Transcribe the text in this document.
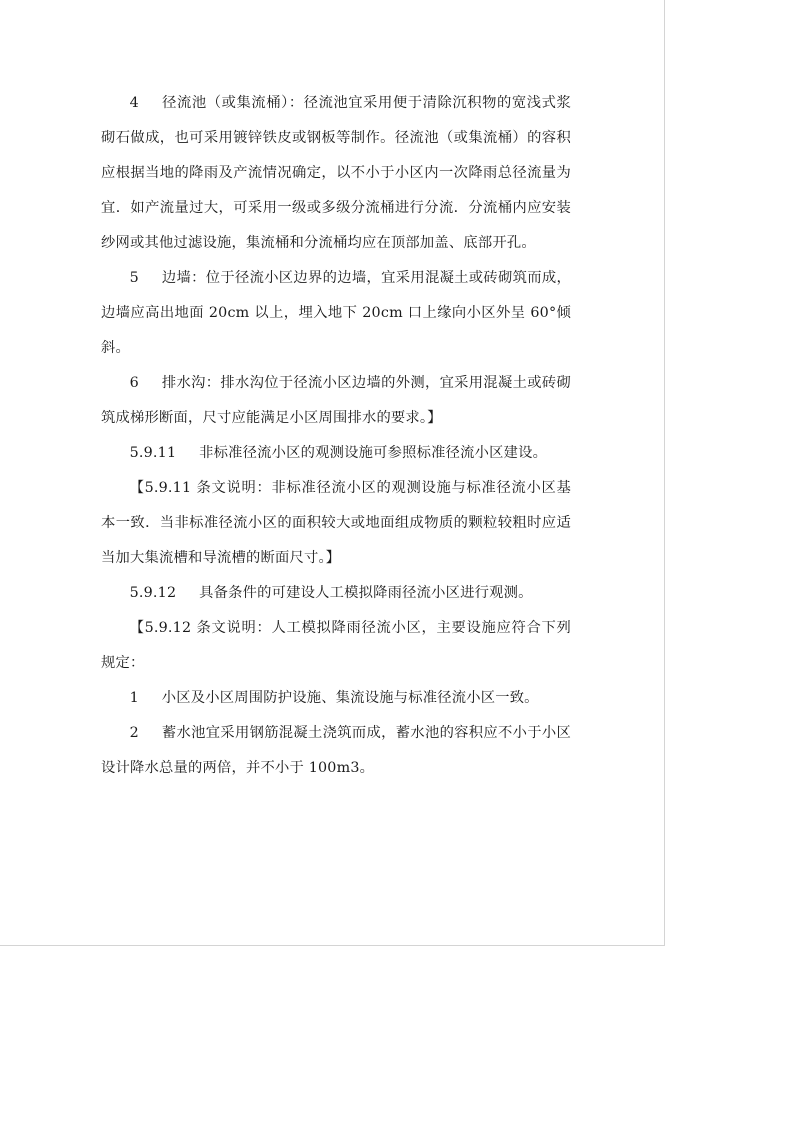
4 径流池（或集流桶）：径流池宜采用便于清除沉积物的宽浅式浆砌石做成，也可采用镀锌铁皮或钢板等制作。径流池（或集流桶）的容积应根据当地的降雨及产流情况确定，以不小于小区内一次降雨总径流量为宜．如产流量过大，可采用一级或多级分流桶进行分流．分流桶内应安装纱网或其他过滤设施，集流桶和分流桶均应在顶部加盖、底部开孔。

5 边墙：位于径流小区边界的边墙，宜采用混凝土或砖砌筑而成，边墙应高出地面 20cm 以上，埋入地下 20cm 口上缘向小区外呈 60°倾斜。

6 排水沟：排水沟位于径流小区边墙的外测，宜采用混凝土或砖砌筑成梯形断面，尺寸应能满足小区周围排水的要求。】

5.9.11 非标准径流小区的观测设施可参照标准径流小区建设。

【5.9.11 条文说明：非标准径流小区的观测设施与标准径流小区基本一致．当非标准径流小区的面积较大或地面组成物质的颗粒较粗时应适当加大集流槽和导流槽的断面尺寸。】

5.9.12 具备条件的可建设人工模拟降雨径流小区进行观测。

【5.9.12 条文说明：人工模拟降雨径流小区，主要设施应符合下列规定：

1 小区及小区周围防护设施、集流设施与标准径流小区一致。

2 蓄水池宜采用钢筋混凝土浇筑而成，蓄水池的容积应不小于小区设计降水总量的两倍，并不小于 100m3。
